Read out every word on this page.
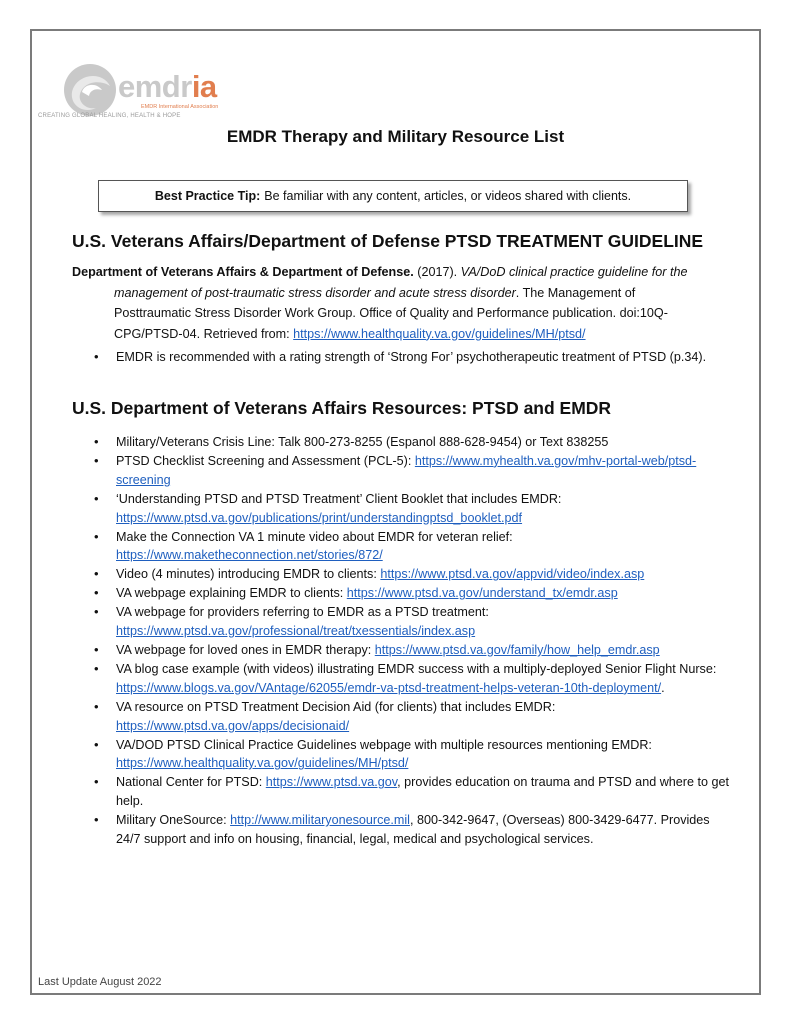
emdria
EMDR International Association
CREATING GLOBAL HEALING, HEALTH & HOPE
EMDR Therapy and Military Resource List
Best Practice Tip: Be familiar with any content, articles, or videos shared with clients.
U.S. Veterans Affairs/Department of Defense PTSD TREATMENT GUIDELINE
Department of Veterans Affairs & Department of Defense. (2017). VA/DoD clinical practice guideline for the
management of post-traumatic stress disorder and acute stress disorder. The Management of
Posttraumatic Stress Disorder Work Group. Office of Quality and Performance publication. doi:10Q-
CPG/PTSD-04. Retrieved from: https://www.healthquality.va.gov/guidelines/MH/ptsd/
• EMDR is recommended with a rating strength of ‘Strong For’ psychotherapeutic treatment of PTSD (p.34).
U.S. Department of Veterans Affairs Resources: PTSD and EMDR
• Military/Veterans Crisis Line: Talk 800-273-8255 (Espanol 888-628-9454) or Text 838255
• PTSD Checklist Screening and Assessment (PCL-5): https://www.myhealth.va.gov/mhv-portal-web/ptsd-screening
• ‘Understanding PTSD and PTSD Treatment’ Client Booklet that includes EMDR: https://www.ptsd.va.gov/publications/print/understandingptsd_booklet.pdf
• Make the Connection VA 1 minute video about EMDR for veteran relief: https://www.maketheconnection.net/stories/872/
• Video (4 minutes) introducing EMDR to clients: https://www.ptsd.va.gov/appvid/video/index.asp
• VA webpage explaining EMDR to clients: https://www.ptsd.va.gov/understand_tx/emdr.asp
• VA webpage for providers referring to EMDR as a PTSD treatment: https://www.ptsd.va.gov/professional/treat/txessentials/index.asp
• VA webpage for loved ones in EMDR therapy: https://www.ptsd.va.gov/family/how_help_emdr.asp
• VA blog case example (with videos) illustrating EMDR success with a multiply-deployed Senior Flight Nurse: https://www.blogs.va.gov/VAntage/62055/emdr-va-ptsd-treatment-helps-veteran-10th-deployment/.
• VA resource on PTSD Treatment Decision Aid (for clients) that includes EMDR: https://www.ptsd.va.gov/apps/decisionaid/
• VA/DOD PTSD Clinical Practice Guidelines webpage with multiple resources mentioning EMDR: https://www.healthquality.va.gov/guidelines/MH/ptsd/
• National Center for PTSD: https://www.ptsd.va.gov, provides education on trauma and PTSD and where to get help.
• Military OneSource: http://www.militaryonesource.mil, 800-342-9647, (Overseas) 800-3429-6477. Provides 24/7 support and info on housing, financial, legal, medical and psychological services.
Last Update August 2022
